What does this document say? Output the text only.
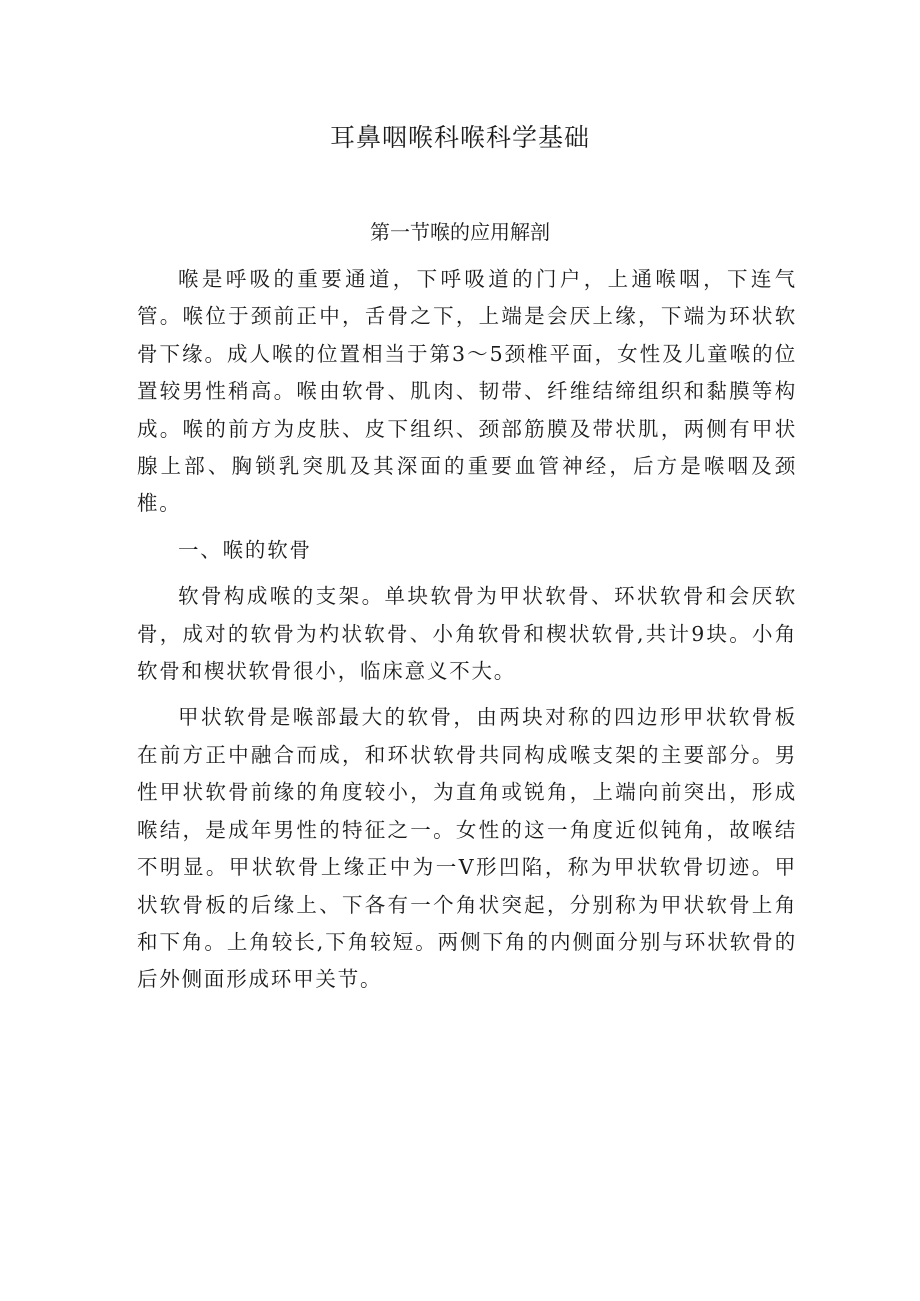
耳鼻咽喉科喉科学基础
第一节喉的应用解剖

喉是呼吸的重要通道，下呼吸道的门户，上通喉咽，下连气管。喉位于颈前正中，舌骨之下，上端是会厌上缘，下端为环状软骨下缘。成人喉的位置相当于第3～5颈椎平面，女性及儿童喉的位置较男性稍高。喉由软骨、肌肉、韧带、纤维结缔组织和黏膜等构成。喉的前方为皮肤、皮下组织、颈部筋膜及带状肌，两侧有甲状腺上部、胸锁乳突肌及其深面的重要血管神经，后方是喉咽及颈椎。

一、喉的软骨

软骨构成喉的支架。单块软骨为甲状软骨、环状软骨和会厌软骨，成对的软骨为杓状软骨、小角软骨和楔状软骨,共计9块。小角软骨和楔状软骨很小，临床意义不大。

甲状软骨是喉部最大的软骨，由两块对称的四边形甲状软骨板在前方正中融合而成，和环状软骨共同构成喉支架的主要部分。男性甲状软骨前缘的角度较小，为直角或锐角，上端向前突出，形成喉结，是成年男性的特征之一。女性的这一角度近似钝角，故喉结不明显。甲状软骨上缘正中为一V形凹陷，称为甲状软骨切迹。甲状软骨板的后缘上、下各有一个角状突起，分别称为甲状软骨上角和下角。上角较长,下角较短。两侧下角的内侧面分别与环状软骨的后外侧面形成环甲关节。
